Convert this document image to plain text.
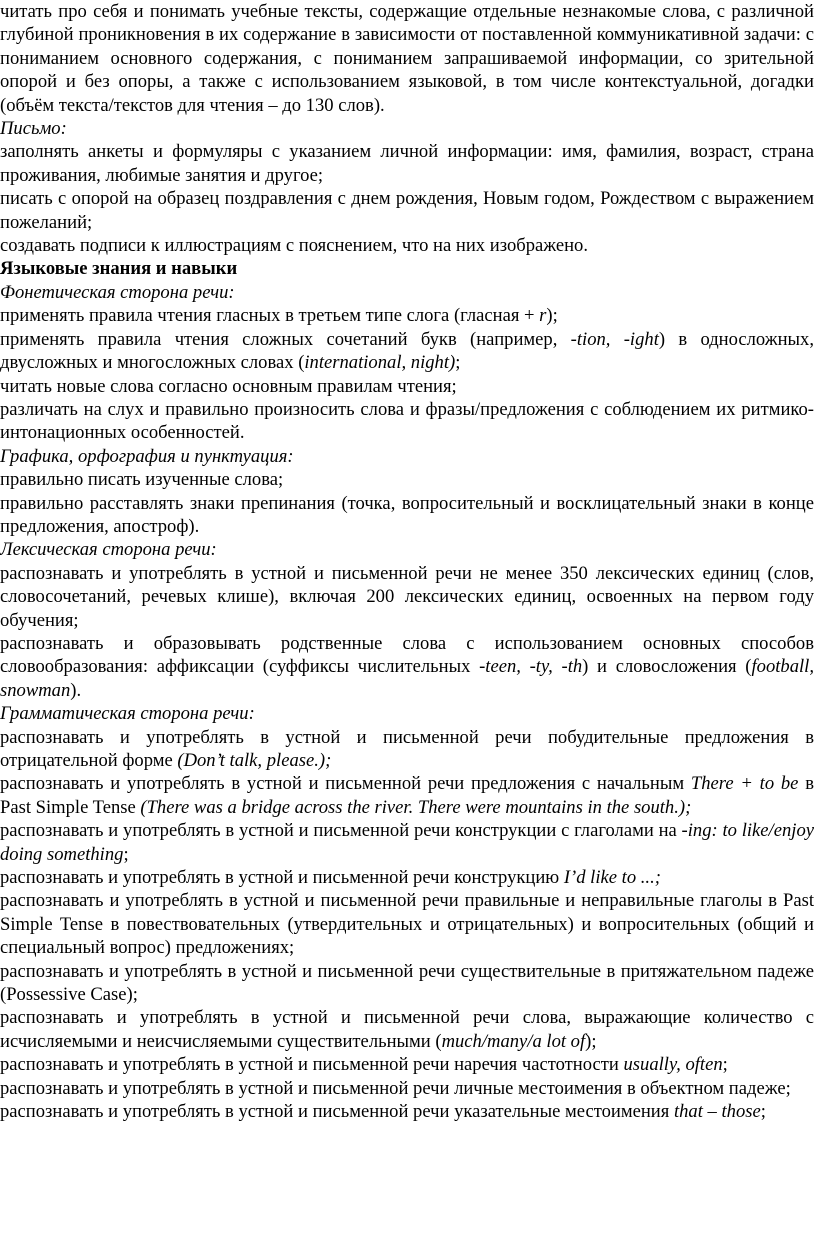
читать про себя и понимать учебные тексты, содержащие отдельные незнакомые слова, с различной глубиной проникновения в их содержание в зависимости от поставленной коммуникативной задачи: с пониманием основного содержания, с пониманием запрашиваемой информации, со зрительной опорой и без опоры, а также с использованием языковой, в том числе контекстуальной, догадки (объём текста/текстов для чтения – до 130 слов).

Письмо:

заполнять анкеты и формуляры с указанием личной информации: имя, фамилия, возраст, страна проживания, любимые занятия и другое;

писать с опорой на образец поздравления с днем рождения, Новым годом, Рождеством с выражением пожеланий;

создавать подписи к иллюстрациям с пояснением, что на них изображено.

Языковые знания и навыки

Фонетическая сторона речи:

применять правила чтения гласных в третьем типе слога (гласная + r);

применять правила чтения сложных сочетаний букв (например, -tion, -ight) в односложных, двусложных и многосложных словах (international, night);

читать новые слова согласно основным правилам чтения;

различать на слух и правильно произносить слова и фразы/предложения с соблюдением их ритмико-интонационных особенностей.

Графика, орфография и пунктуация:

правильно писать изученные слова;

правильно расставлять знаки препинания (точка, вопросительный и восклицательный знаки в конце предложения, апостроф).

Лексическая сторона речи:

распознавать и употреблять в устной и письменной речи не менее 350 лексических единиц (слов, словосочетаний, речевых клише), включая 200 лексических единиц, освоенных на первом году обучения;

распознавать и образовывать родственные слова с использованием основных способов словообразования: аффиксации (суффиксы числительных -teen, -ty, -th) и словосложения (football, snowman).

Грамматическая сторона речи:

распознавать и употреблять в устной и письменной речи побудительные предложения в отрицательной форме (Don’t talk, please.);

распознавать и употреблять в устной и письменной речи предложения с начальным There + to be в Past Simple Tense (There was a bridge across the river. There were mountains in the south.);

распознавать и употреблять в устной и письменной речи конструкции с глаголами на -ing: to like/enjoy doing something;

распознавать и употреблять в устной и письменной речи конструкцию I’d like to ...;

распознавать и употреблять в устной и письменной речи правильные и неправильные глаголы в Past Simple Tense в повествовательных (утвердительных и отрицательных) и вопросительных (общий и специальный вопрос) предложениях;

распознавать и употреблять в устной и письменной речи существительные в притяжательном падеже (Possessive Case);

распознавать и употреблять в устной и письменной речи слова, выражающие количество с исчисляемыми и неисчисляемыми существительными (much/many/a lot of);

распознавать и употреблять в устной и письменной речи наречия частотности usually, often;

распознавать и употреблять в устной и письменной речи личные местоимения в объектном падеже;

распознавать и употреблять в устной и письменной речи указательные местоимения that – those;
